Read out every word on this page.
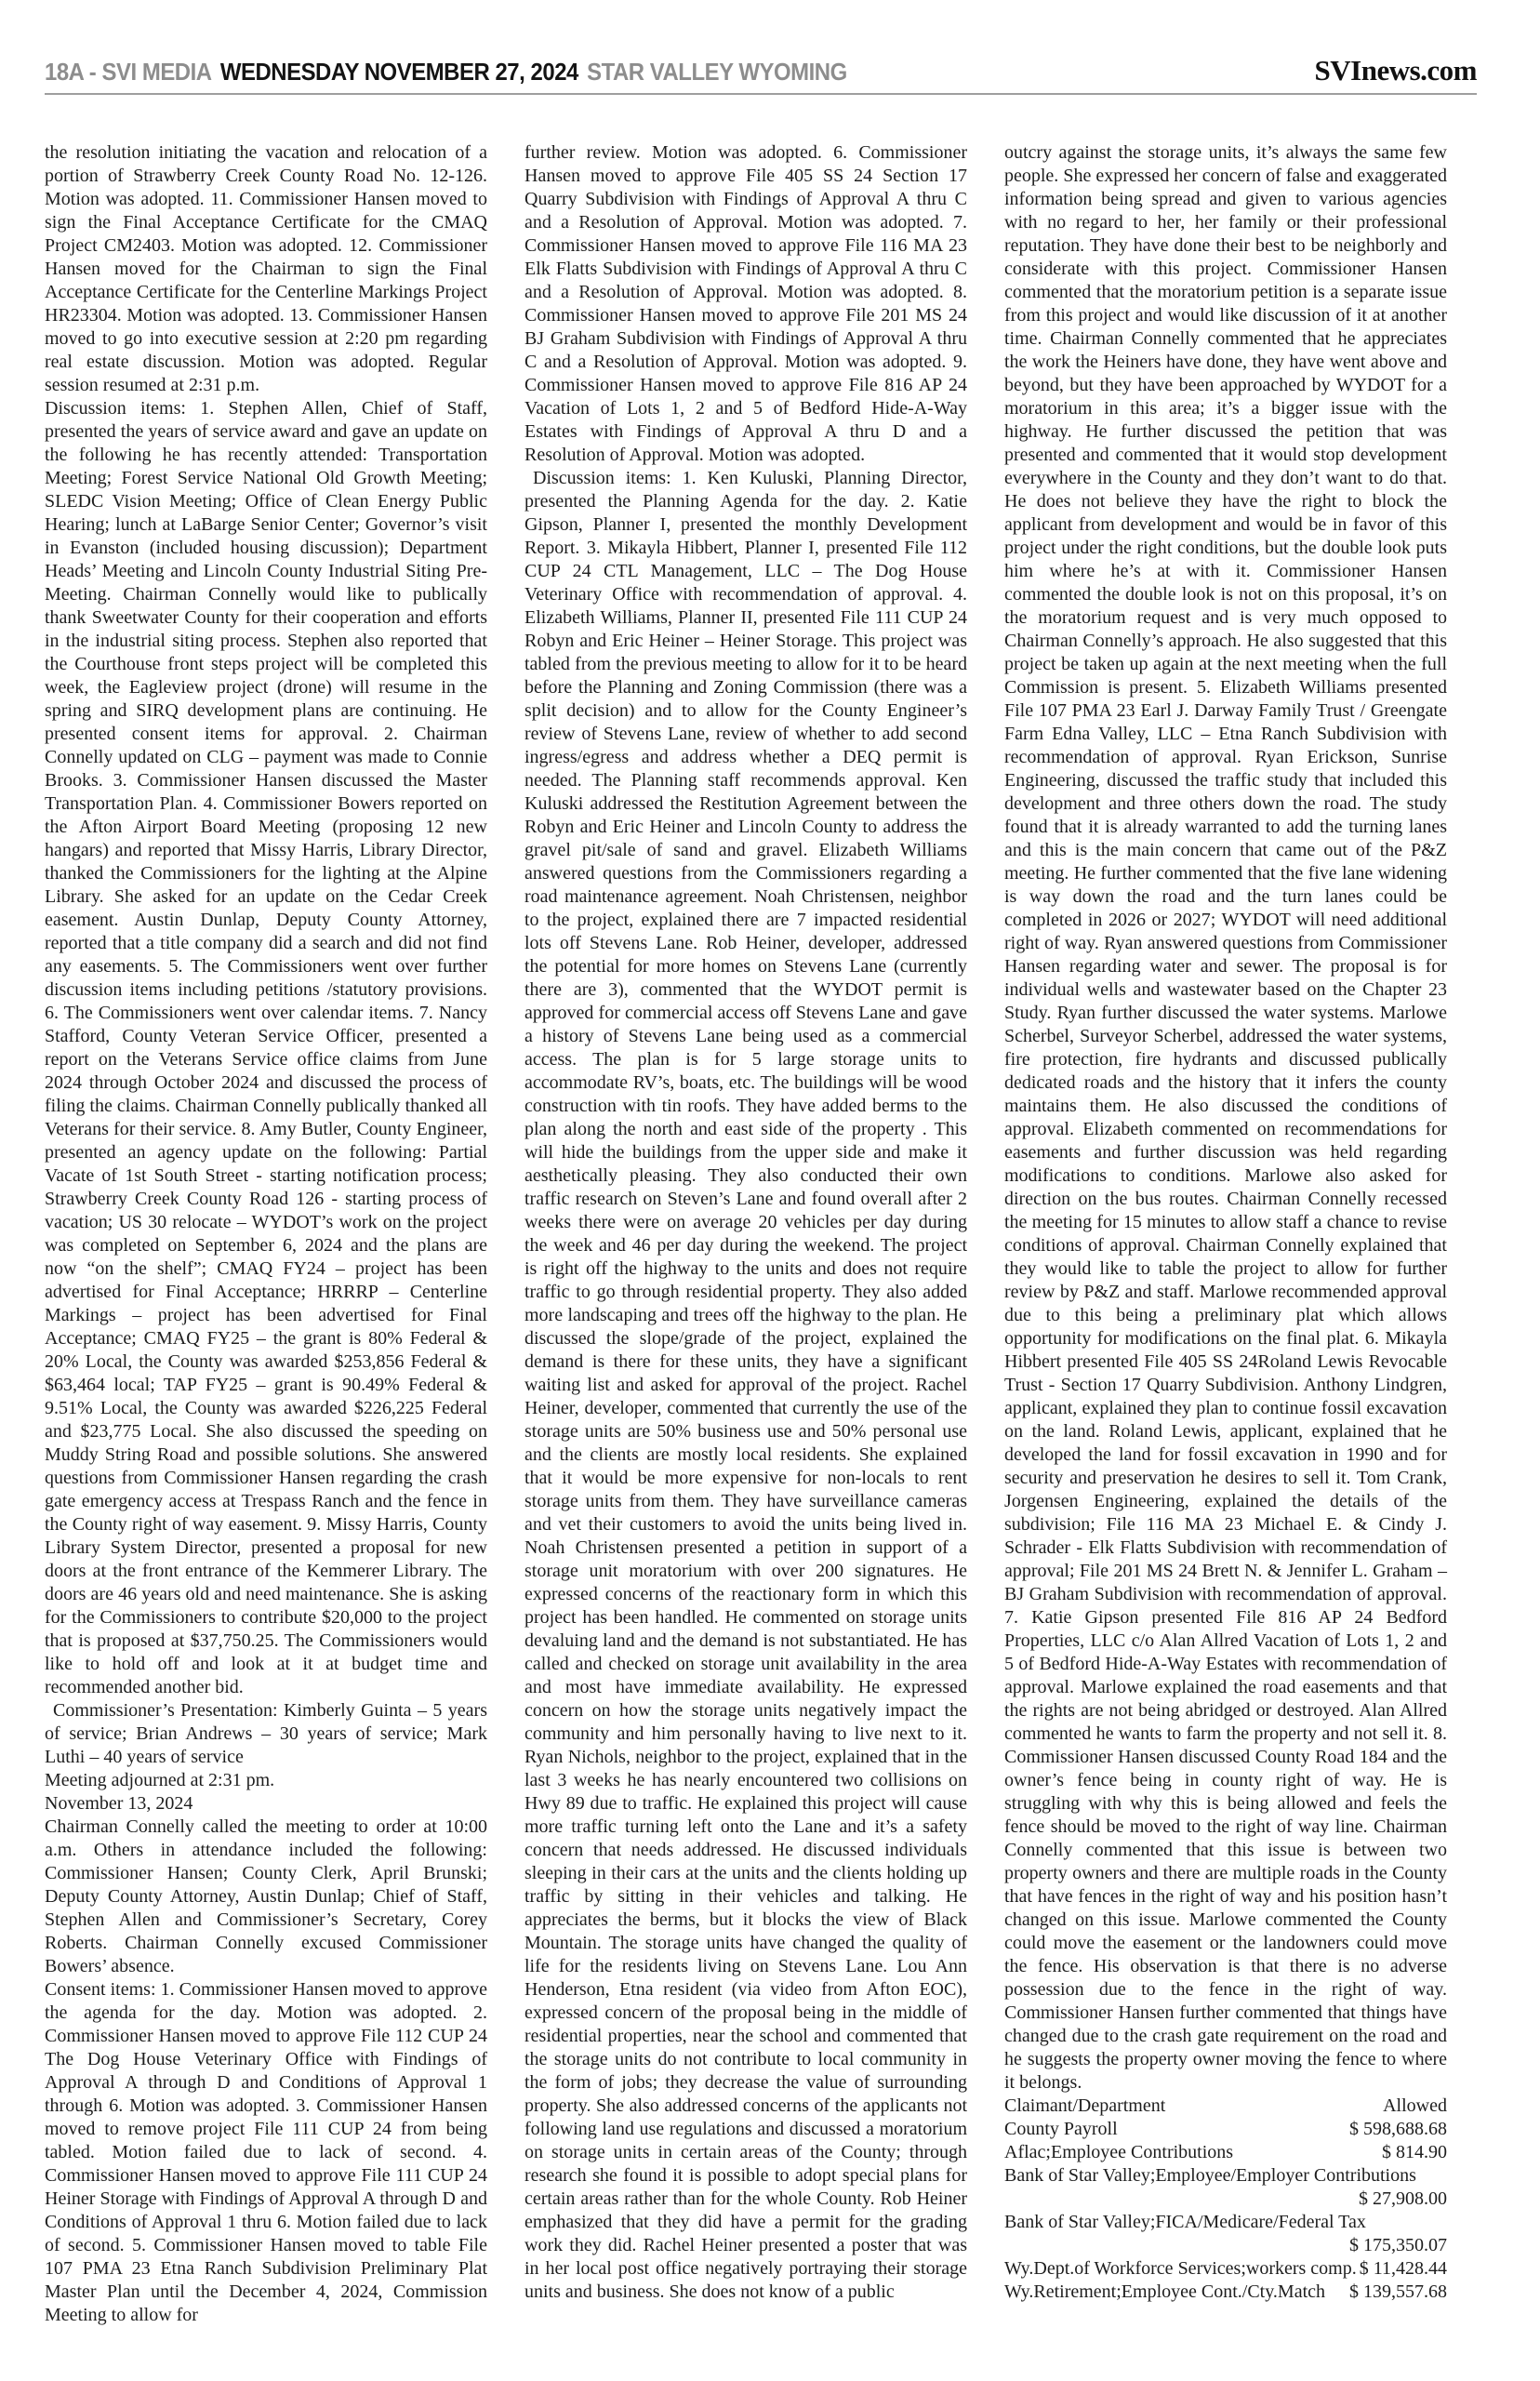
18A - SVI MEDIA WEDNESDAY NOVEMBER 27, 2024 STAR VALLEY WYOMING	SVInews.com

the resolution initiating the vacation and relocation of a portion of Strawberry Creek County Road No. 12-126. Motion was adopted. 11. Commissioner Hansen moved to sign the Final Acceptance Certificate for the CMAQ Project CM2403. Motion was adopted. 12. Commissioner Hansen moved for the Chairman to sign the Final Acceptance Certificate for the Centerline Markings Project HR23304. Motion was adopted. 13. Commissioner Hansen moved to go into executive session at 2:20 pm regarding real estate discussion. Motion was adopted. Regular session resumed at 2:31 p.m.

Discussion items: 1. Stephen Allen, Chief of Staff, presented the years of service award and gave an update on the following he has recently attended: Transportation Meeting; Forest Service National Old Growth Meeting; SLEDC Vision Meeting; Office of Clean Energy Public Hearing; lunch at LaBarge Senior Center; Governor’s visit in Evanston (included housing discussion); Department Heads’ Meeting and Lincoln County Industrial Siting Pre-Meeting. Chairman Connelly would like to publically thank Sweetwater County for their cooperation and efforts in the industrial siting process. Stephen also reported that the Courthouse front steps project will be completed this week, the Eagleview project (drone) will resume in the spring and SIRQ development plans are continuing. He presented consent items for approval. 2. Chairman Connelly updated on CLG – payment was made to Connie Brooks. 3. Commissioner Hansen discussed the Master Transportation Plan. 4. Commissioner Bowers reported on the Afton Airport Board Meeting (proposing 12 new hangars) and reported that Missy Harris, Library Director, thanked the Commissioners for the lighting at the Alpine Library. She asked for an update on the Cedar Creek easement. Austin Dunlap, Deputy County Attorney, reported that a title company did a search and did not find any easements. 5. The Commissioners went over further discussion items including petitions /statutory provisions. 6. The Commissioners went over calendar items. 7. Nancy Stafford, County Veteran Service Officer, presented a report on the Veterans Service office claims from June 2024 through October 2024 and discussed the process of filing the claims. Chairman Connelly publically thanked all Veterans for their service. 8. Amy Butler, County Engineer, presented an agency update on the following: Partial Vacate of 1st South Street - starting notification process; Strawberry Creek County Road 126 - starting process of vacation; US 30 relocate – WYDOT’s work on the project was completed on September 6, 2024 and the plans are now “on the shelf”; CMAQ FY24 – project has been advertised for Final Acceptance; HRRRP – Centerline Markings – project has been advertised for Final Acceptance; CMAQ FY25 – the grant is 80% Federal & 20% Local, the County was awarded $253,856 Federal & $63,464 local; TAP FY25 – grant is 90.49% Federal & 9.51% Local, the County was awarded $226,225 Federal and $23,775 Local. She also discussed the speeding on Muddy String Road and possible solutions. She answered questions from Commissioner Hansen regarding the crash gate emergency access at Trespass Ranch and the fence in the County right of way easement. 9. Missy Harris, County Library System Director, presented a proposal for new doors at the front entrance of the Kemmerer Library. The doors are 46 years old and need maintenance. She is asking for the Commissioners to contribute $20,000 to the project that is proposed at $37,750.25. The Commissioners would like to hold off and look at it at budget time and recommended another bid.

Commissioner’s Presentation: Kimberly Guinta – 5 years of service; Brian Andrews – 30 years of service; Mark Luthi – 40 years of service

Meeting adjourned at 2:31 pm.

November 13, 2024

Chairman Connelly called the meeting to order at 10:00 a.m. Others in attendance included the following: Commissioner Hansen; County Clerk, April Brunski; Deputy County Attorney, Austin Dunlap; Chief of Staff, Stephen Allen and Commissioner’s Secretary, Corey Roberts. Chairman Connelly excused Commissioner Bowers’ absence.

Consent items: 1. Commissioner Hansen moved to approve the agenda for the day. Motion was adopted. 2. Commissioner Hansen moved to approve File 112 CUP 24 The Dog House Veterinary Office with Findings of Approval A through D and Conditions of Approval 1 through 6. Motion was adopted. 3. Commissioner Hansen moved to remove project File 111 CUP 24 from being tabled. Motion failed due to lack of second. 4. Commissioner Hansen moved to approve File 111 CUP 24 Heiner Storage with Findings of Approval A through D and Conditions of Approval 1 thru 6. Motion failed due to lack of second. 5. Commissioner Hansen moved to table File 107 PMA 23 Etna Ranch Subdivision Preliminary Plat Master Plan until the December 4, 2024, Commission Meeting to allow for

further review. Motion was adopted. 6. Commissioner Hansen moved to approve File 405 SS 24 Section 17 Quarry Subdivision with Findings of Approval A thru C and a Resolution of Approval. Motion was adopted. 7. Commissioner Hansen moved to approve File 116 MA 23 Elk Flatts Subdivision with Findings of Approval A thru C and a Resolution of Approval. Motion was adopted. 8. Commissioner Hansen moved to approve File 201 MS 24 BJ Graham Subdivision with Findings of Approval A thru C and a Resolution of Approval. Motion was adopted. 9. Commissioner Hansen moved to approve File 816 AP 24 Vacation of Lots 1, 2 and 5 of Bedford Hide-A-Way Estates with Findings of Approval A thru D and a Resolution of Approval. Motion was adopted.

Discussion items: 1. Ken Kuluski, Planning Director, presented the Planning Agenda for the day. 2. Katie Gipson, Planner I, presented the monthly Development Report. 3. Mikayla Hibbert, Planner I, presented File 112 CUP 24 CTL Management, LLC – The Dog House Veterinary Office with recommendation of approval. 4. Elizabeth Williams, Planner II, presented File 111 CUP 24 Robyn and Eric Heiner – Heiner Storage. This project was tabled from the previous meeting to allow for it to be heard before the Planning and Zoning Commission (there was a split decision) and to allow for the County Engineer’s review of Stevens Lane, review of whether to add second ingress/egress and address whether a DEQ permit is needed. The Planning staff recommends approval. Ken Kuluski addressed the Restitution Agreement between the Robyn and Eric Heiner and Lincoln County to address the gravel pit/sale of sand and gravel. Elizabeth Williams answered questions from the Commissioners regarding a road maintenance agreement. Noah Christensen, neighbor to the project, explained there are 7 impacted residential lots off Stevens Lane. Rob Heiner, developer, addressed the potential for more homes on Stevens Lane (currently there are 3), commented that the WYDOT permit is approved for commercial access off Stevens Lane and gave a history of Stevens Lane being used as a commercial access. The plan is for 5 large storage units to accommodate RV’s, boats, etc. The buildings will be wood construction with tin roofs. They have added berms to the plan along the north and east side of the property . This will hide the buildings from the upper side and make it aesthetically pleasing. They also conducted their own traffic research on Steven’s Lane and found overall after 2 weeks there were on average 20 vehicles per day during the week and 46 per day during the weekend. The project is right off the highway to the units and does not require traffic to go through residential property. They also added more landscaping and trees off the highway to the plan. He discussed the slope/grade of the project, explained the demand is there for these units, they have a significant waiting list and asked for approval of the project. Rachel Heiner, developer, commented that currently the use of the storage units are 50% business use and 50% personal use and the clients are mostly local residents. She explained that it would be more expensive for non-locals to rent storage units from them. They have surveillance cameras and vet their customers to avoid the units being lived in. Noah Christensen presented a petition in support of a storage unit moratorium with over 200 signatures. He expressed concerns of the reactionary form in which this project has been handled. He commented on storage units devaluing land and the demand is not substantiated. He has called and checked on storage unit availability in the area and most have immediate availability. He expressed concern on how the storage units negatively impact the community and him personally having to live next to it. Ryan Nichols, neighbor to the project, explained that in the last 3 weeks he has nearly encountered two collisions on Hwy 89 due to traffic. He explained this project will cause more traffic turning left onto the Lane and it’s a safety concern that needs addressed. He discussed individuals sleeping in their cars at the units and the clients holding up traffic by sitting in their vehicles and talking. He appreciates the berms, but it blocks the view of Black Mountain. The storage units have changed the quality of life for the residents living on Stevens Lane. Lou Ann Henderson, Etna resident (via video from Afton EOC), expressed concern of the proposal being in the middle of residential properties, near the school and commented that the storage units do not contribute to local community in the form of jobs; they decrease the value of surrounding property. She also addressed concerns of the applicants not following land use regulations and discussed a moratorium on storage units in certain areas of the County; through research she found it is possible to adopt special plans for certain areas rather than for the whole County. Rob Heiner emphasized that they did have a permit for the grading work they did. Rachel Heiner presented a poster that was in her local post office negatively portraying their storage units and business. She does not know of a public

outcry against the storage units, it’s always the same few people. She expressed her concern of false and exaggerated information being spread and given to various agencies with no regard to her, her family or their professional reputation. They have done their best to be neighborly and considerate with this project. Commissioner Hansen commented that the moratorium petition is a separate issue from this project and would like discussion of it at another time. Chairman Connelly commented that he appreciates the work the Heiners have done, they have went above and beyond, but they have been approached by WYDOT for a moratorium in this area; it’s a bigger issue with the highway. He further discussed the petition that was presented and commented that it would stop development everywhere in the County and they don’t want to do that. He does not believe they have the right to block the applicant from development and would be in favor of this project under the right conditions, but the double look puts him where he’s at with it. Commissioner Hansen commented the double look is not on this proposal, it’s on the moratorium request and is very much opposed to Chairman Connelly’s approach. He also suggested that this project be taken up again at the next meeting when the full Commission is present. 5. Elizabeth Williams presented File 107 PMA 23 Earl J. Darway Family Trust / Greengate Farm Edna Valley, LLC – Etna Ranch Subdivision with recommendation of approval. Ryan Erickson, Sunrise Engineering, discussed the traffic study that included this development and three others down the road. The study found that it is already warranted to add the turning lanes and this is the main concern that came out of the P&Z meeting. He further commented that the five lane widening is way down the road and the turn lanes could be completed in 2026 or 2027; WYDOT will need additional right of way. Ryan answered questions from Commissioner Hansen regarding water and sewer. The proposal is for individual wells and wastewater based on the Chapter 23 Study. Ryan further discussed the water systems. Marlowe Scherbel, Surveyor Scherbel, addressed the water systems, fire protection, fire hydrants and discussed publically dedicated roads and the history that it infers the county maintains them. He also discussed the conditions of approval. Elizabeth commented on recommendations for easements and further discussion was held regarding modifications to conditions. Marlowe also asked for direction on the bus routes. Chairman Connelly recessed the meeting for 15 minutes to allow staff a chance to revise conditions of approval. Chairman Connelly explained that they would like to table the project to allow for further review by P&Z and staff. Marlowe recommended approval due to this being a preliminary plat which allows opportunity for modifications on the final plat. 6. Mikayla Hibbert presented File 405 SS 24Roland Lewis Revocable Trust - Section 17 Quarry Subdivision. Anthony Lindgren, applicant, explained they plan to continue fossil excavation on the land. Roland Lewis, applicant, explained that he developed the land for fossil excavation in 1990 and for security and preservation he desires to sell it. Tom Crank, Jorgensen Engineering, explained the details of the subdivision; File 116 MA 23 Michael E. & Cindy J. Schrader - Elk Flatts Subdivision with recommendation of approval; File 201 MS 24 Brett N. & Jennifer L. Graham – BJ Graham Subdivision with recommendation of approval. 7. Katie Gipson presented File 816 AP 24 Bedford Properties, LLC c/o Alan Allred Vacation of Lots 1, 2 and 5 of Bedford Hide-A-Way Estates with recommendation of approval. Marlowe explained the road easements and that the rights are not being abridged or destroyed. Alan Allred commented he wants to farm the property and not sell it. 8. Commissioner Hansen discussed County Road 184 and the owner’s fence being in county right of way. He is struggling with why this is being allowed and feels the fence should be moved to the right of way line. Chairman Connelly commented that this issue is between two property owners and there are multiple roads in the County that have fences in the right of way and his position hasn’t changed on this issue. Marlowe commented the County could move the easement or the landowners could move the fence. His observation is that there is no adverse possession due to the fence in the right of way. Commissioner Hansen further commented that things have changed due to the crash gate requirement on the road and he suggests the property owner moving the fence to where it belongs.

Claimant/Department	Allowed
County Payroll	$ 598,688.68
Aflac;Employee Contributions	$ 814.90
Bank of Star Valley;Employee/Employer Contributions
$ 27,908.00
Bank of Star Valley;FICA/Medicare/Federal Tax
$ 175,350.07
Wy.Dept.of Workforce Services;workers comp. $ 11,428.44
Wy.Retirement;Employee Cont./Cty.Match $ 139,557.68
